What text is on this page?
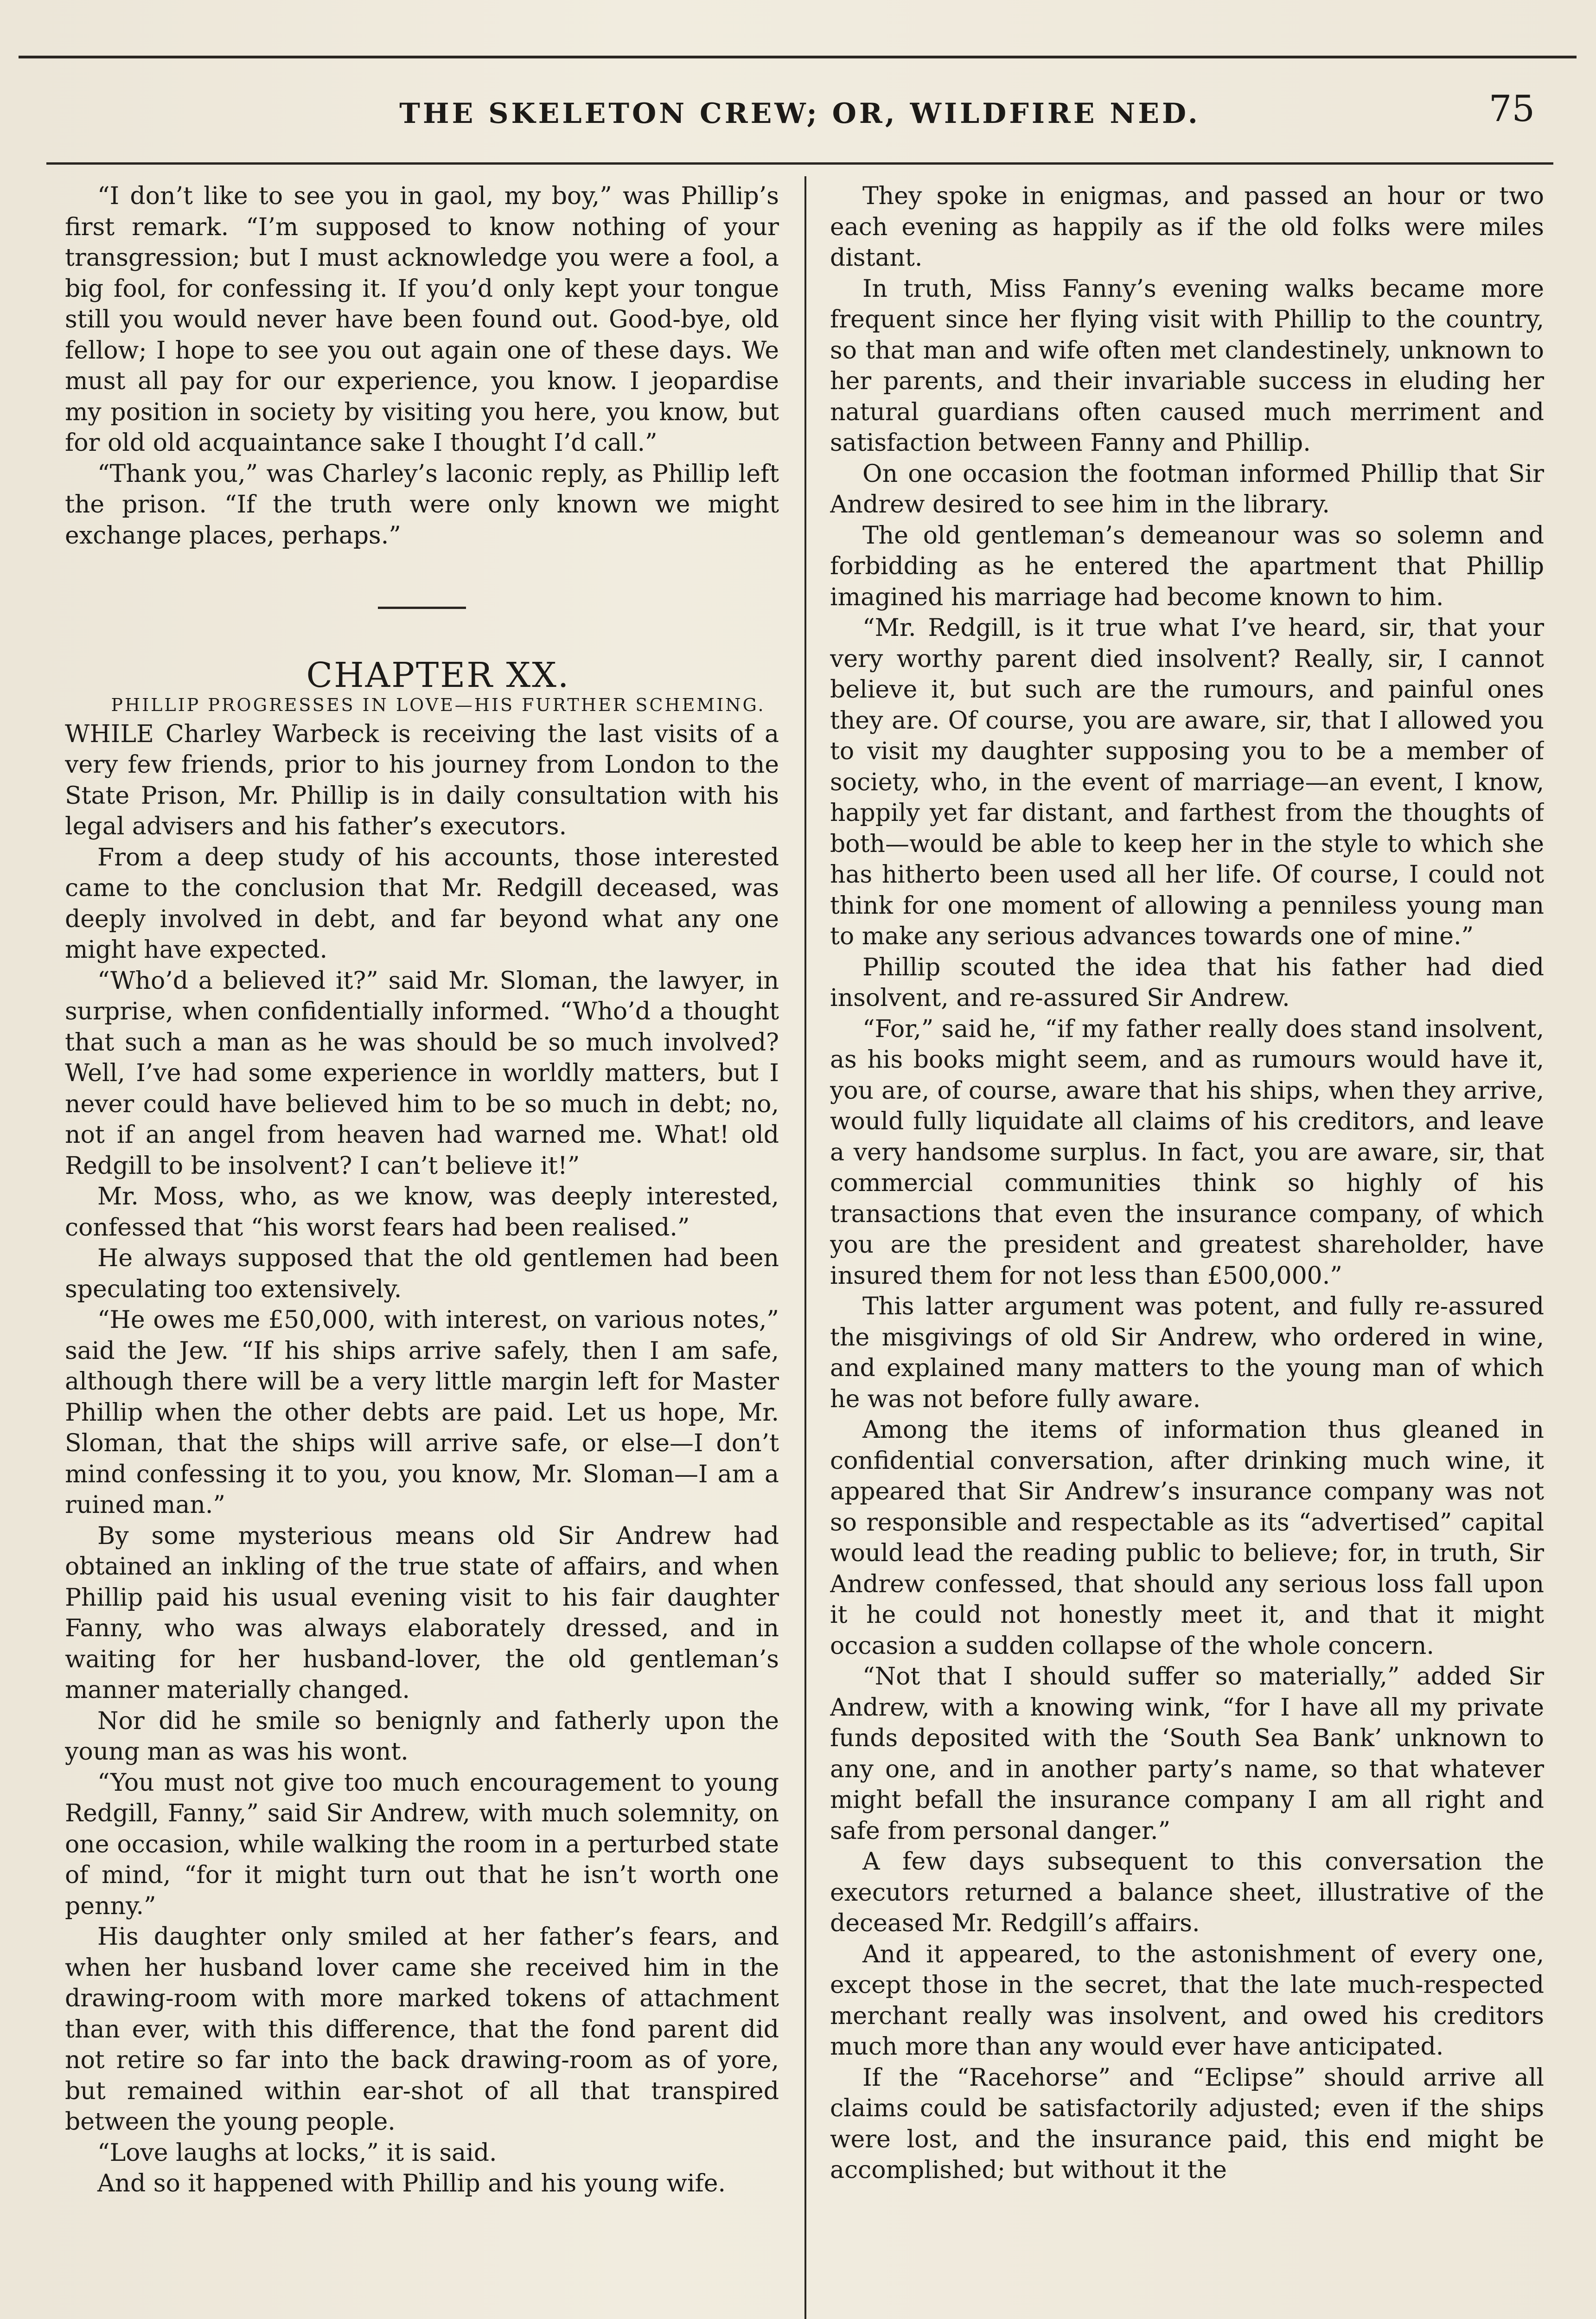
THE SKELETON CREW; OR, WILDFIRE NED.	75

“I don’t like to see you in gaol, my boy,” was Phillip’s first remark. “I’m supposed to know nothing of your transgression; but I must acknowledge you were a fool, a big fool, for confessing it. If you’d only kept your tongue still you would never have been found out. Good-bye, old fellow; I hope to see you out again one of these days. We must all pay for our experience, you know. I jeopardise my position in society by visiting you here, you know, but for old old acquaintance sake I thought I’d call.”

“Thank you,” was Charley’s laconic reply, as Phillip left the prison. “If the truth were only known we might exchange places, perhaps.”

CHAPTER XX.

PHILLIP PROGRESSES IN LOVE—HIS FURTHER SCHEMING.

WHILE Charley Warbeck is receiving the last visits of a very few friends, prior to his journey from London to the State Prison, Mr. Phillip is in daily consultation with his legal advisers and his father’s executors.

From a deep study of his accounts, those interested came to the conclusion that Mr. Redgill deceased, was deeply involved in debt, and far beyond what any one might have expected.

“Who’d a believed it?” said Mr. Sloman, the lawyer, in surprise, when confidentially informed. “Who’d a thought that such a man as he was should be so much involved? Well, I’ve had some experience in worldly matters, but I never could have believed him to be so much in debt; no, not if an angel from heaven had warned me. What! old Redgill to be insolvent? I can’t believe it!”

Mr. Moss, who, as we know, was deeply interested, confessed that “his worst fears had been realised.”

He always supposed that the old gentlemen had been speculating too extensively.

“He owes me £50,000, with interest, on various notes,” said the Jew. “If his ships arrive safely, then I am safe, although there will be a very little margin left for Master Phillip when the other debts are paid. Let us hope, Mr. Sloman, that the ships will arrive safe, or else—I don’t mind confessing it to you, you know, Mr. Sloman—I am a ruined man.”

By some mysterious means old Sir Andrew had obtained an inkling of the true state of affairs, and when Phillip paid his usual evening visit to his fair daughter Fanny, who was always elaborately dressed, and in waiting for her husband-lover, the old gentleman’s manner materially changed.

Nor did he smile so benignly and fatherly upon the young man as was his wont.

“You must not give too much encouragement to young Redgill, Fanny,” said Sir Andrew, with much solemnity, on one occasion, while walking the room in a perturbed state of mind, “for it might turn out that he isn’t worth one penny.”

His daughter only smiled at her father’s fears, and when her husband lover came she received him in the drawing-room with more marked tokens of attachment than ever, with this difference, that the fond parent did not retire so far into the back drawing-room as of yore, but remained within ear-shot of all that transpired between the young people.

“Love laughs at locks,” it is said.

And so it happened with Phillip and his young wife.

They spoke in enigmas, and passed an hour or two each evening as happily as if the old folks were miles distant.

In truth, Miss Fanny’s evening walks became more frequent since her flying visit with Phillip to the country, so that man and wife often met clandestinely, unknown to her parents, and their invariable success in eluding her natural guardians often caused much merriment and satisfaction between Fanny and Phillip.

On one occasion the footman informed Phillip that Sir Andrew desired to see him in the library.

The old gentleman’s demeanour was so solemn and forbidding as he entered the apartment that Phillip imagined his marriage had become known to him.

“Mr. Redgill, is it true what I’ve heard, sir, that your very worthy parent died insolvent? Really, sir, I cannot believe it, but such are the rumours, and painful ones they are. Of course, you are aware, sir, that I allowed you to visit my daughter supposing you to be a member of society, who, in the event of marriage—an event, I know, happily yet far distant, and farthest from the thoughts of both—would be able to keep her in the style to which she has hitherto been used all her life. Of course, I could not think for one moment of allowing a penniless young man to make any serious advances towards one of mine.”

Phillip scouted the idea that his father had died insolvent, and re-assured Sir Andrew.

“For,” said he, “if my father really does stand insolvent, as his books might seem, and as rumours would have it, you are, of course, aware that his ships, when they arrive, would fully liquidate all claims of his creditors, and leave a very handsome surplus. In fact, you are aware, sir, that commercial communities think so highly of his transactions that even the insurance company, of which you are the president and greatest shareholder, have insured them for not less than £500,000.”

This latter argument was potent, and fully re-assured the misgivings of old Sir Andrew, who ordered in wine, and explained many matters to the young man of which he was not before fully aware.

Among the items of information thus gleaned in confidential conversation, after drinking much wine, it appeared that Sir Andrew’s insurance company was not so responsible and respectable as its “advertised” capital would lead the reading public to believe; for, in truth, Sir Andrew confessed, that should any serious loss fall upon it he could not honestly meet it, and that it might occasion a sudden collapse of the whole concern.

“Not that I should suffer so materially,” added Sir Andrew, with a knowing wink, “for I have all my private funds deposited with the ‘South Sea Bank’ unknown to any one, and in another party’s name, so that whatever might befall the insurance company I am all right and safe from personal danger.”

A few days subsequent to this conversation the executors returned a balance sheet, illustrative of the deceased Mr. Redgill’s affairs.

And it appeared, to the astonishment of every one, except those in the secret, that the late much-respected merchant really was insolvent, and owed his creditors much more than any would ever have anticipated.

If the “Racehorse” and “Eclipse” should arrive all claims could be satisfactorily adjusted; even if the ships were lost, and the insurance paid, this end might be accomplished; but without it the
